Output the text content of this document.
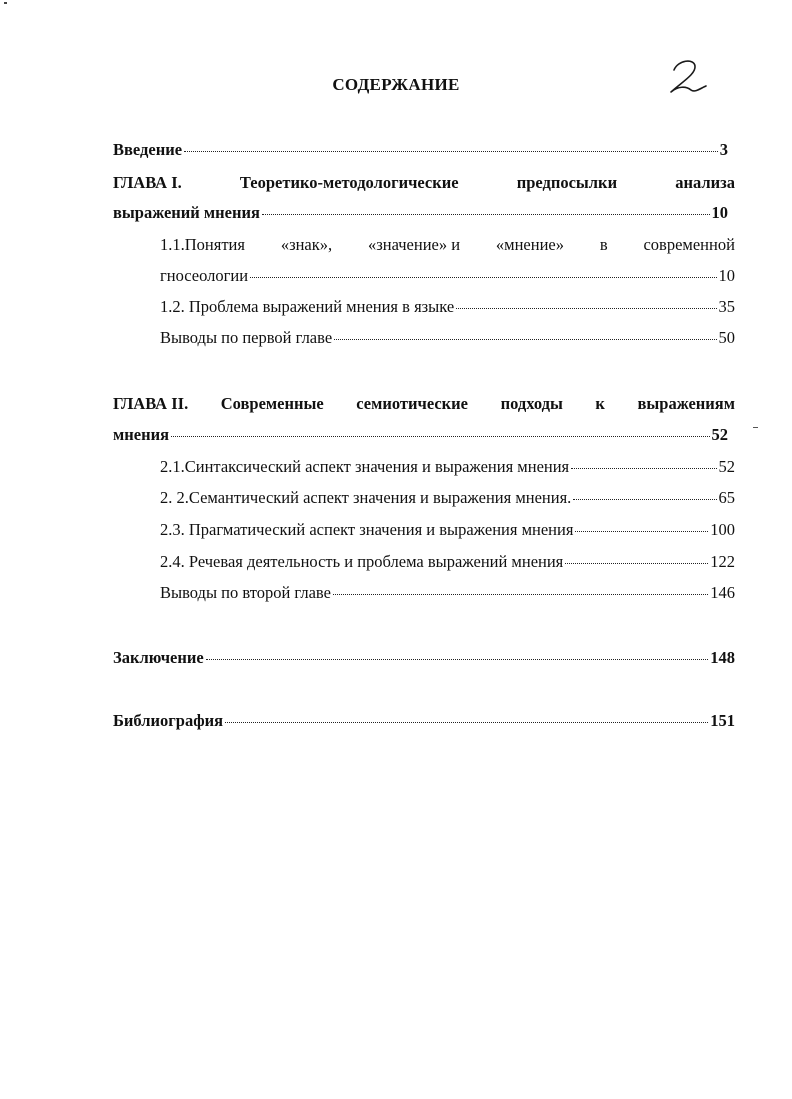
СОДЕРЖАНИЕ
Введение	3
ГЛАВА I.	Теоретико-методологические	предпосылки	анализа
выражений мнения	10
1.1.Понятия «знак», «значение» и «мнение» в современной
гносеологии	10
1.2. Проблема выражений мнения в языке	35
Выводы по первой главе	50
ГЛАВА II. Современные семиотические подходы к выражениям
мнения	52
2.1.Синтаксический аспект значения и выражения мнения	52
2. 2.Семантический аспект значения и выражения мнения.	65
2.3. Прагматический аспект значения и выражения мнения	100
2.4. Речевая деятельность и проблема выражений мнения	122
Выводы по второй главе	146
Заключение	148
Библиография	151
